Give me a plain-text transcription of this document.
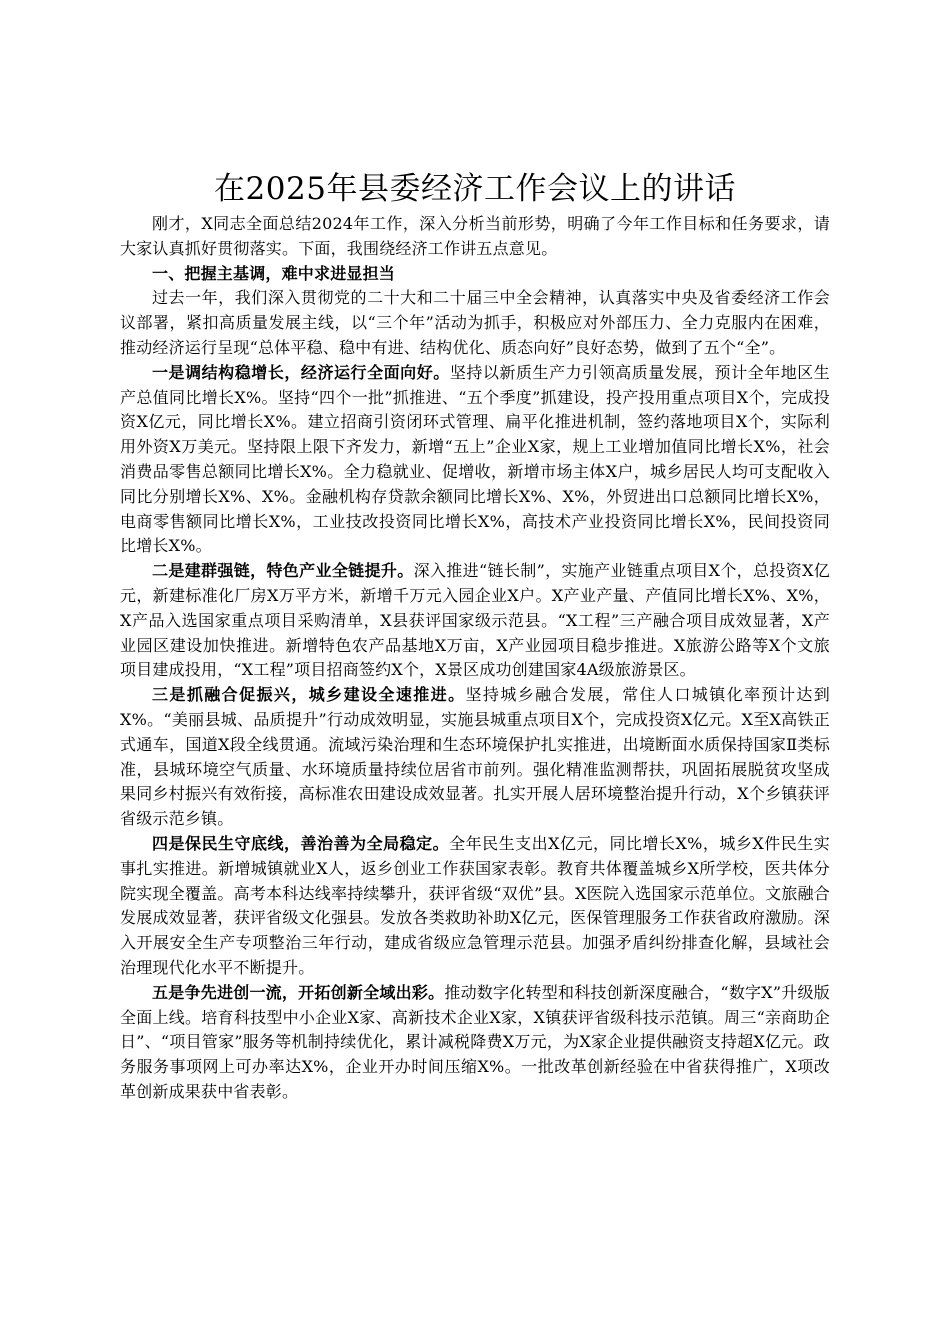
在2025年县委经济工作会议上的讲话

刚才，X同志全面总结2024年工作，深入分析当前形势，明确了今年工作目标和任务要求，请大家认真抓好贯彻落实。下面，我围绕经济工作讲五点意见。

一、把握主基调，难中求进显担当

过去一年，我们深入贯彻党的二十大和二十届三中全会精神，认真落实中央及省委经济工作会议部署，紧扣高质量发展主线，以“三个年”活动为抓手，积极应对外部压力、全力克服内在困难，推动经济运行呈现“总体平稳、稳中有进、结构优化、质态向好”良好态势，做到了五个“全”。

一是调结构稳增长，经济运行全面向好。坚持以新质生产力引领高质量发展，预计全年地区生产总值同比增长X%。坚持“四个一批”抓推进、“五个季度”抓建设，投产投用重点项目X个，完成投资X亿元，同比增长X%。建立招商引资闭环式管理、扁平化推进机制，签约落地项目X个，实际利用外资X万美元。坚持限上限下齐发力，新增“五上”企业X家，规上工业增加值同比增长X%，社会消费品零售总额同比增长X%。全力稳就业、促增收，新增市场主体X户，城乡居民人均可支配收入同比分别增长X%、X%。金融机构存贷款余额同比增长X%、X%，外贸进出口总额同比增长X%，电商零售额同比增长X%，工业技改投资同比增长X%，高技术产业投资同比增长X%，民间投资同比增长X%。

二是建群强链，特色产业全链提升。深入推进“链长制”，实施产业链重点项目X个，总投资X亿元，新建标准化厂房X万平方米，新增千万元入园企业X户。X产业产量、产值同比增长X%、X%，X产品入选国家重点项目采购清单，X县获评国家级示范县。“X工程”三产融合项目成效显著，X产业园区建设加快推进。新增特色农产品基地X万亩，X产业园项目稳步推进。X旅游公路等X个文旅项目建成投用，“X工程”项目招商签约X个，X景区成功创建国家4A级旅游景区。

三是抓融合促振兴，城乡建设全速推进。坚持城乡融合发展，常住人口城镇化率预计达到X%。“美丽县城、品质提升”行动成效明显，实施县城重点项目X个，完成投资X亿元。X至X高铁正式通车，国道X段全线贯通。流域污染治理和生态环境保护扎实推进，出境断面水质保持国家Ⅱ类标准，县城环境空气质量、水环境质量持续位居省市前列。强化精准监测帮扶，巩固拓展脱贫攻坚成果同乡村振兴有效衔接，高标准农田建设成效显著。扎实开展人居环境整治提升行动，X个乡镇获评省级示范乡镇。

四是保民生守底线，善治善为全局稳定。全年民生支出X亿元，同比增长X%，城乡X件民生实事扎实推进。新增城镇就业X人，返乡创业工作获国家表彰。教育共体覆盖城乡X所学校，医共体分院实现全覆盖。高考本科达线率持续攀升，获评省级“双优”县。X医院入选国家示范单位。文旅融合发展成效显著，获评省级文化强县。发放各类救助补助X亿元，医保管理服务工作获省政府激励。深入开展安全生产专项整治三年行动，建成省级应急管理示范县。加强矛盾纠纷排查化解，县域社会治理现代化水平不断提升。

五是争先进创一流，开拓创新全域出彩。推动数字化转型和科技创新深度融合，“数字X”升级版全面上线。培育科技型中小企业X家、高新技术企业X家，X镇获评省级科技示范镇。周三“亲商助企日”、“项目管家”服务等机制持续优化，累计减税降费X万元，为X家企业提供融资支持超X亿元。政务服务事项网上可办率达X%，企业开办时间压缩X%。一批改革创新经验在中省获得推广，X项改革创新成果获中省表彰。
